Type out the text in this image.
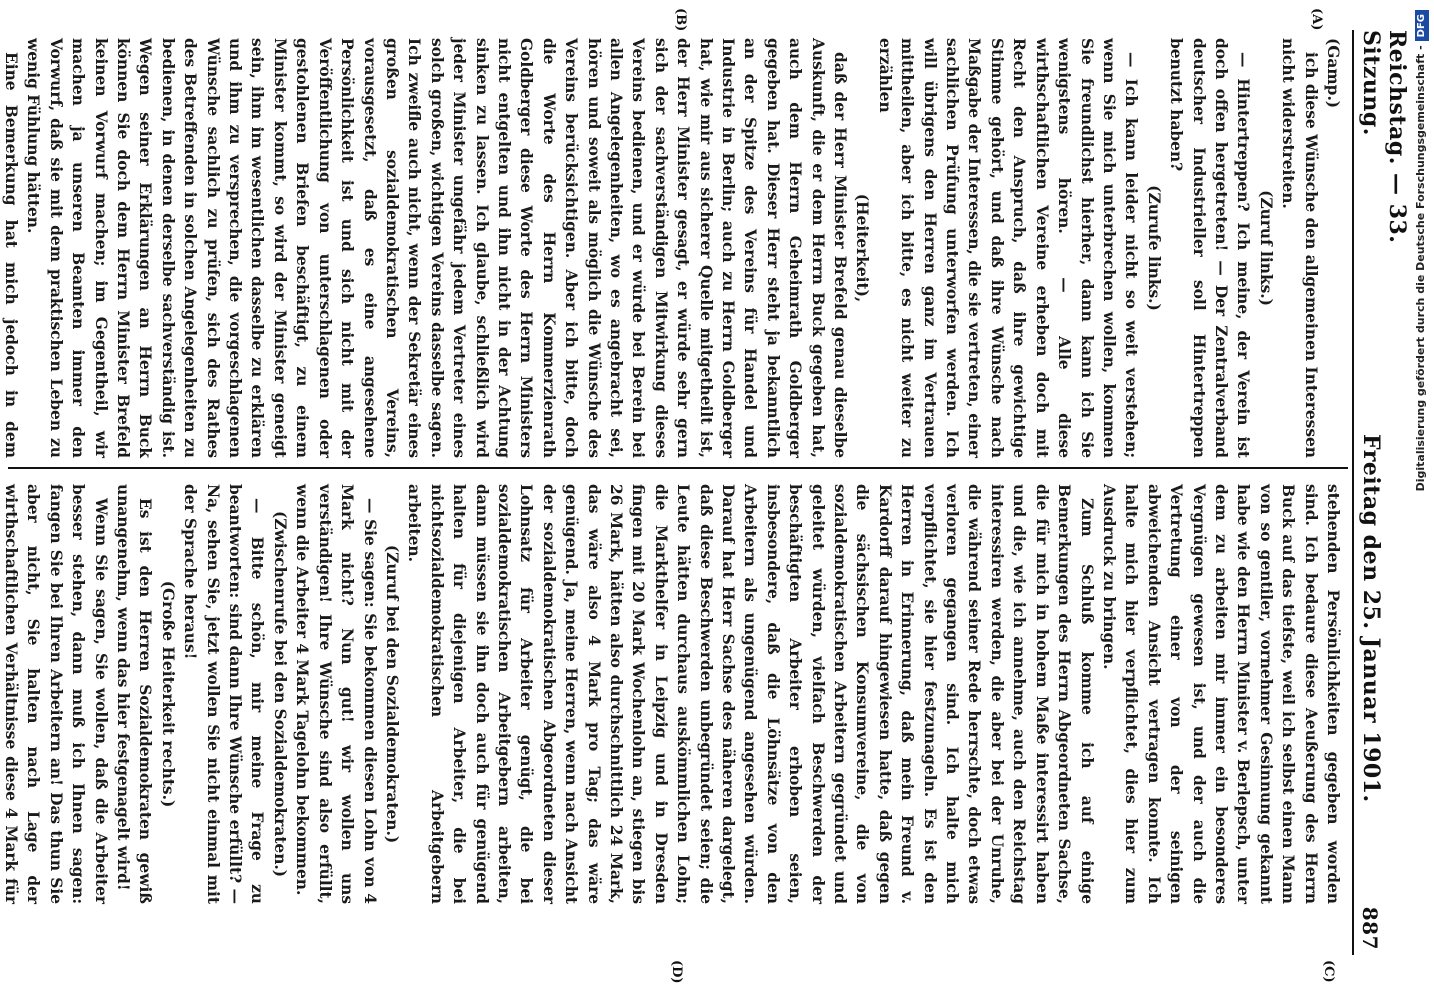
Reichstag. — 33. Sitzung.
Freitag den 25. Januar 1901.
887
(A)
(B)
(C)
(D)

(Gamp.)

ich diese Wünsche den allgemeinen Interessen nicht widerstreiten.

(Zuruf links.)

— Hintertreppen? Ich meine, der Verein ist doch offen hergetreten! — Der Zentralverband deutscher Industrieller soll Hintertreppen benutzt haben?

(Zurufe links.)

— Ich kann leider nicht so weit verstehen; wenn Sie mich unterbrechen wollen, kommen Sie freundlichst hierher, dann kann ich Sie wenigstens hören. — Alle diese wirthschaftlichen Vereine erheben doch mit Recht den Anspruch, daß ihre gewichtige Stimme gehört, und daß ihre Wünsche nach Maßgabe der Interessen, die sie vertreten, einer sachlichen Prüfung unterworfen werden. Ich will übrigens den Herren ganz im Vertrauen mittheilen, aber ich bitte, es nicht weiter zu erzählen

(Heiterkeit),

daß der Herr Minister Brefeld genau dieselbe Auskunft, die er dem Herrn Buck gegeben hat, auch dem Herrn Geheimrath Goldberger gegeben hat. Dieser Herr steht ja bekanntlich an der Spitze des Vereins für Handel und Industrie in Berlin; auch zu Herrn Goldberger hat, wie mir aus sicherer Quelle mitgetheilt ist, der Herr Minister gesagt, er würde sehr gern sich der sachverständigen Mitwirkung dieses Vereins bedienen, und er würde bei Berein bei allen Angelegenheiten, wo es angebracht sei, hören und soweit als möglich die Wünsche des Vereins berücksichtigen. Aber ich bitte, doch die Worte des Herrn Kommerzienrath Goldberger diese Worte des Herrn Ministers nicht entgelten und ihn nicht in der Achtung sinken zu lassen. Ich glaube, schließlich wird jeder Minister ungefähr jedem Vertreter eines solch großen, wichtigen Vereins dasselbe sagen. Ich zweifle auch nicht, wenn der Sekretär eines großen sozialdemokratischen Vereins, vorausgesetzt, daß es eine angesehene Persönlichkeit ist und sich nicht mit der Veröffentlichung von unterschlagenen oder gestohlenen Briefen beschäftigt, zu einem Minister kommt, so wird der Minister geneigt sein, ihm im wesentlichen dasselbe zu erklären und ihm zu versprechen, die vorgeschlagenen Wünsche sachlich zu prüfen, sich des Rathes des Betreffenden in solchen Angelegenheiten zu bedienen, in denen derselbe sachverständig ist. Wegen seiner Erklärungen an Herrn Buck können Sie doch dem Herrn Minister Brefeld keinen Vorwurf machen; im Gegentheil, wir machen ja unseren Beamten immer den Vorwurf, daß sie mit dem praktischen Leben zu wenig Fühlung hätten.

Eine Bemerkung hat mich jedoch in dem

stehenden Persönlichkeiten gegeben worden sind. Ich bedaure diese Aeußerung des Herrn Buck auf das tiefste, weil ich selbst einen Mann von so gentiler, vornehmer Gesinnung gekannt habe wie den Herrn Minister v. Berlepsch, unter dem zu arbeiten mir immer ein besonderes Vergnügen gewesen ist, und der auch die Vertretung einer von der seinigen abweichenden Ansicht vertragen konnte. Ich halte mich hier verpflichtet, dies hier zum Ausdruck zu bringen.

Zum Schluß komme ich auf einige Bemerkungen des Herrn Abgeordneten Sachse, die für mich in hohem Maße interessirt haben und die, wie ich annehme, auch den Reichstag interessiren werden, die aber bei der Unruhe, die während seiner Rede herrschte, doch etwas verloren gegangen sind. Ich halte mich verpflichtet, sie hier festzunageln. Es ist den Herren in Erinnerung, daß mein Freund v. Kardorff darauf hingewiesen hatte, daß gegen die sächsischen Konsumvereine, die von sozialdemokratischen Arbeitern gegründet und geleitet würden, vielfach Beschwerden der beschäftigten Arbeiter erhoben seien, insbesondere, daß die Löhnsätze von den Arbeitern als ungenügend angesehen würden. Darauf hat Herr Sachse des näheren dargelegt, daß diese Beschwerden unbegründet seien; die Leute hätten durchaus auskömmlichen Lohn; die Markthelfer in Leipzig und in Dresden fingen mit 20 Mark Wochenlohn an, stiegen bis 26 Mark, hätten also durchschnittlich 24 Mark, das wäre also 4 Mark pro Tag; das wäre genügend. Ja, meine Herren, wenn nach Ansicht der sozialdemokratischen Abgeordneten dieser Lohnsatz für Arbeiter genügt, die bei sozialdemokratischen Arbeitgebern arbeiten, dann müssen sie ihn doch auch für genügend halten für diejenigen Arbeiter, die bei nichtsozialdemokratischen Arbeitgebern arbeiten.

(Zuruf bei den Sozialdemokraten.)

— Sie sagen: Sie bekommen diesen Lohn von 4 Mark nicht? Nun gut! wir wollen uns verständigen! Ihre Wünsche sind also erfüllt, wenn die Arbeiter 4 Mark Tagelohn bekommen.

(Zwischenrufe bei den Sozialdemokraten.)

— Bitte schön, mir meine Frage zu beantworten: sind dann Ihre Wünsche erfüllt? — Na, sehen Sie, jetzt wollen Sie nicht einmal mit der Sprache heraus!

(Große Heiterkeit rechts.)

Es ist den Herren Sozialdemokraten gewiß unangenehm, wenn das hier festgenagelt wird!

Wenn Sie sagen, Sie wollen, daß die Arbeiter besser stehen, dann muß ich Ihnen sagen: fangen Sie bei Ihren Arbeitern an! Das thun Sie aber nicht, Sie halten nach Lage der wirthschaftlichen Verhältnisse diese 4 Mark für

Digitalisierung gefördert durch die Deutsche Forschungsgemeinschaft -DFG
